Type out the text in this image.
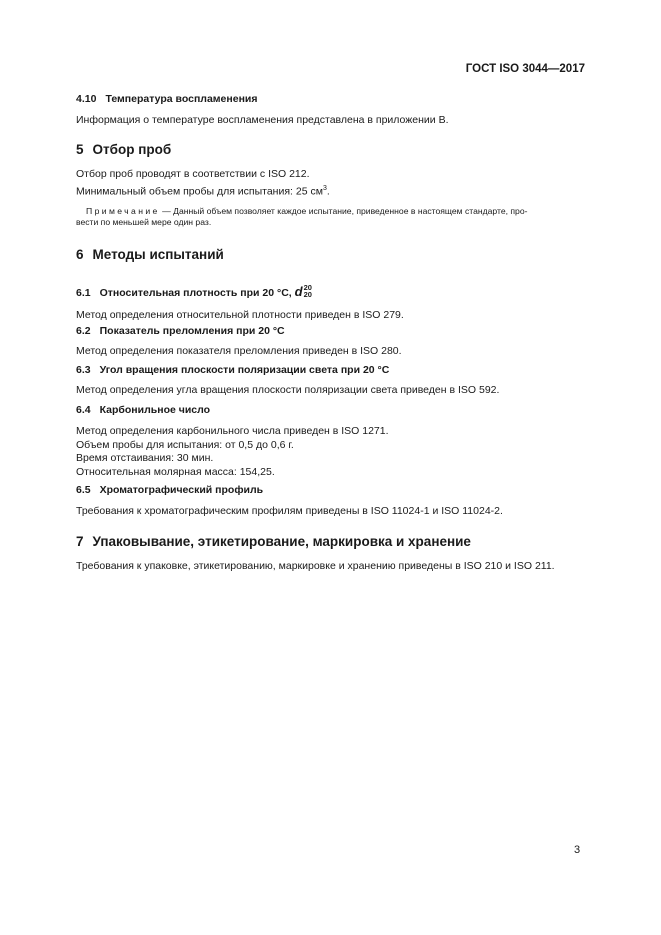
ГОСТ ISO 3044—2017
4.10 Температура воспламенения

Информация о температуре воспламенения представлена в приложении В.

5 Отбор проб

Отбор проб проводят в соответствии с ISO 212.

Минимальный объем пробы для испытания: 25 $см^3$.

Примечание — Данный объем позволяет каждое испытание, приведенное в настоящем стандарте, про-

вести по меньшей мере один раз.

6 Методы испытаний
6.1 Относительная плотность при 20 °С, d 20
20

Метод определения относительной плотности приведен в ISO 279.

6.2 Показатель преломления при 20 °С

Метод определения показателя преломления приведен в ISO 280.

6.3 Угол вращения плоскости поляризации света при 20 °С

Метод определения угла вращения плоскости поляризации света приведен в ISO 592.

6.4 Карбонильное число

Метод определения карбонильного числа приведен в ISO 1271.

Объем пробы для испытания: от 0,5 до 0,6 г.

Время отстаивания: 30 мин.

Относительная молярная масса: 154,25.

6.5 Хроматографический профиль

Требования к хроматографическим профилям приведены в ISO 11024-1 и ISO 11024-2.

7 Упаковывание, этикетирование, маркировка и хранение

Требования к упаковке, этикетированию, маркировке и хранению приведены в ISO 210 и ISO 211.

3
